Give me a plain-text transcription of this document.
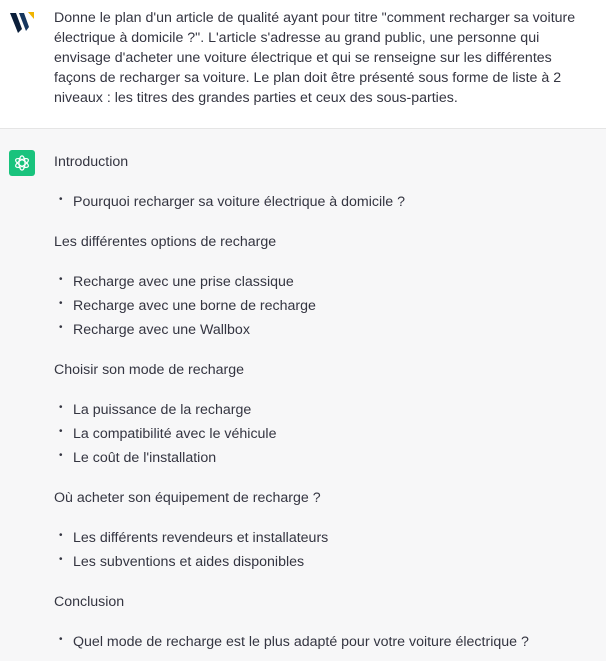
Donne le plan d'un article de qualité ayant pour titre "comment recharger sa voiture électrique à domicile ?". L'article s'adresse au grand public, une personne qui envisage d'acheter une voiture électrique et qui se renseigne sur les différentes façons de recharger sa voiture. Le plan doit être présenté sous forme de liste à 2 niveaux : les titres des grandes parties et ceux des sous-parties.
Introduction
• Pourquoi recharger sa voiture électrique à domicile ?
Les différentes options de recharge
• Recharge avec une prise classique
• Recharge avec une borne de recharge
• Recharge avec une Wallbox
Choisir son mode de recharge
• La puissance de la recharge
• La compatibilité avec le véhicule
• Le coût de l'installation
Où acheter son équipement de recharge ?
• Les différents revendeurs et installateurs
• Les subventions et aides disponibles
Conclusion
• Quel mode de recharge est le plus adapté pour votre voiture électrique ?
